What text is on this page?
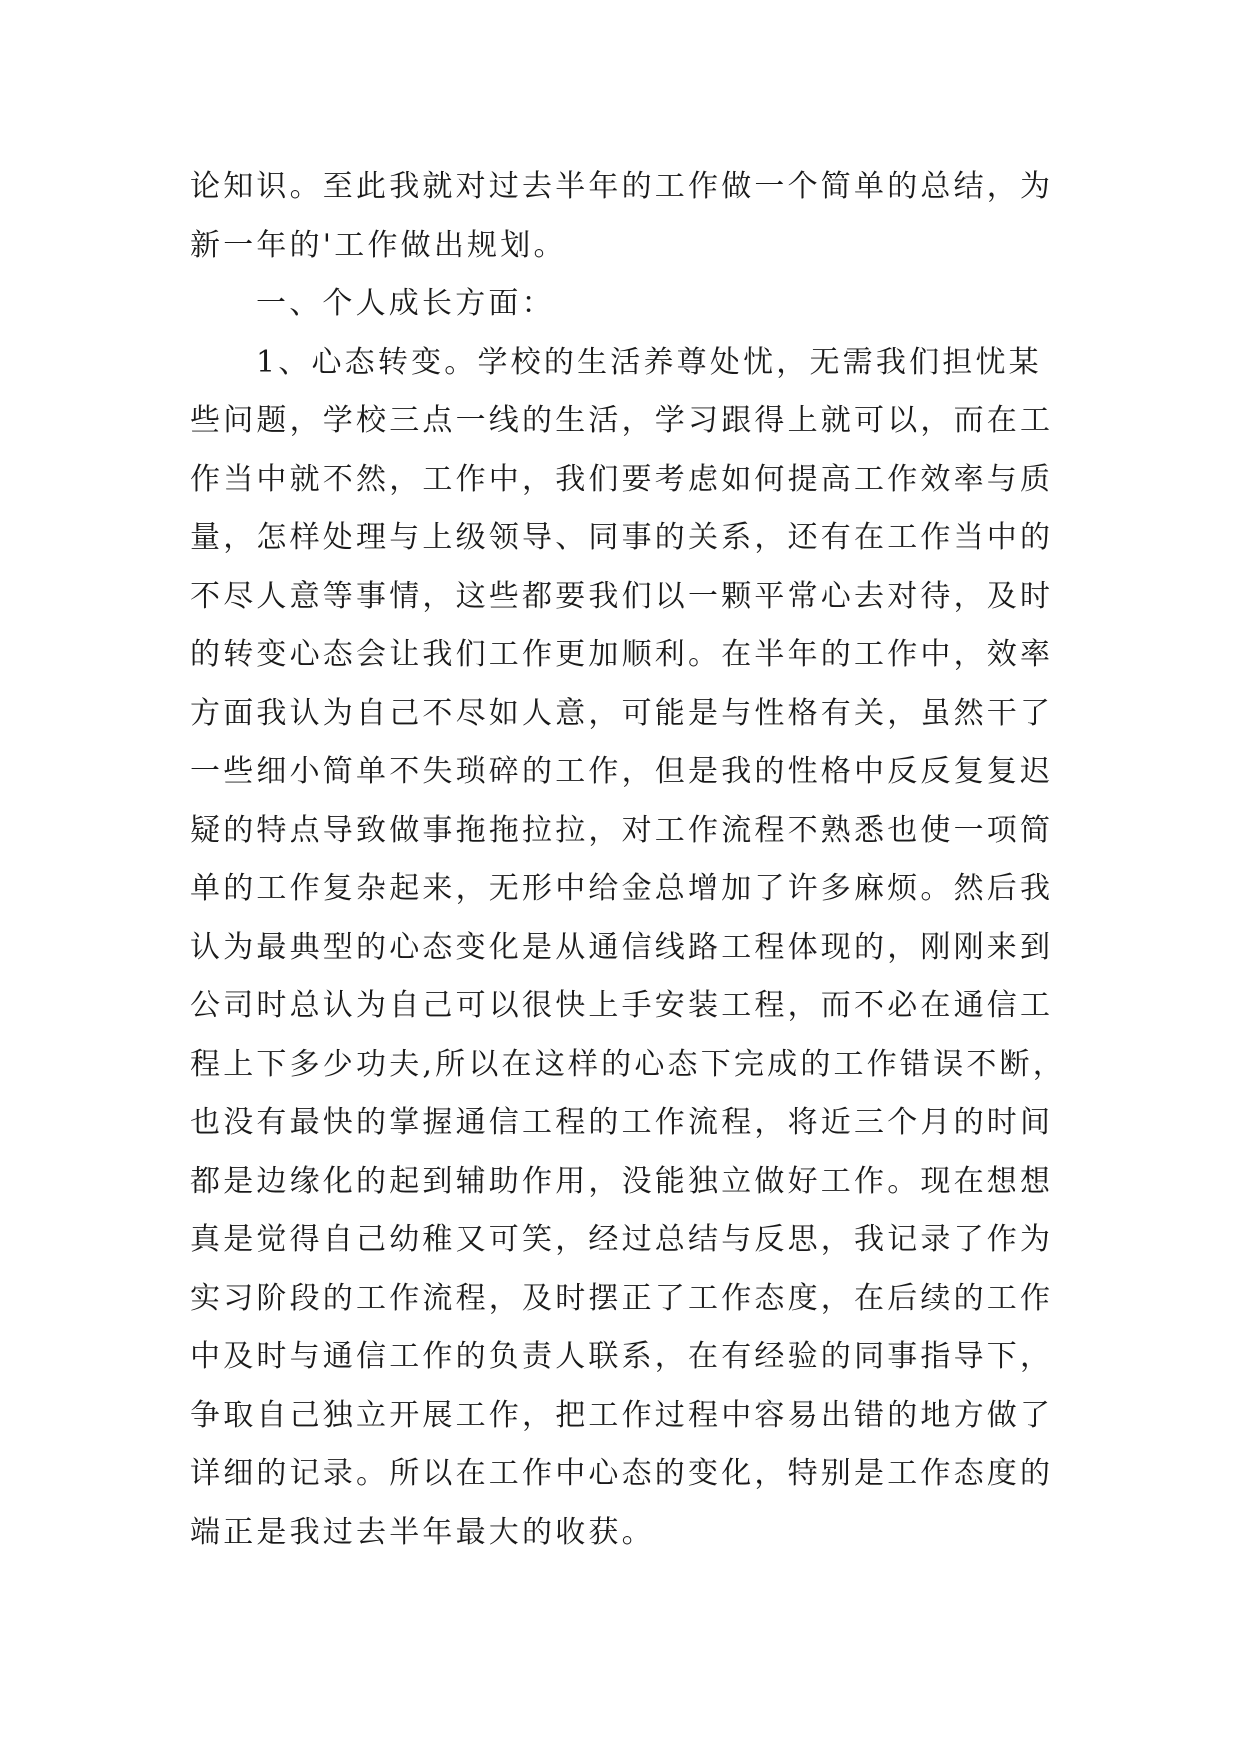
论知识。至此我就对过去半年的工作做一个简单的总结，为
新一年的'工作做出规划。
一、个人成长方面：
1、心态转变。学校的生活养尊处忧，无需我们担忧某
些问题，学校三点一线的生活，学习跟得上就可以，而在工
作当中就不然，工作中，我们要考虑如何提高工作效率与质
量，怎样处理与上级领导、同事的关系，还有在工作当中的
不尽人意等事情，这些都要我们以一颗平常心去对待，及时
的转变心态会让我们工作更加顺利。在半年的工作中，效率
方面我认为自己不尽如人意，可能是与性格有关，虽然干了
一些细小简单不失琐碎的工作，但是我的性格中反反复复迟
疑的特点导致做事拖拖拉拉，对工作流程不熟悉也使一项简
单的工作复杂起来，无形中给金总增加了许多麻烦。然后我
认为最典型的心态变化是从通信线路工程体现的，刚刚来到
公司时总认为自己可以很快上手安装工程，而不必在通信工
程上下多少功夫,所以在这样的心态下完成的工作错误不断，
也没有最快的掌握通信工程的工作流程，将近三个月的时间
都是边缘化的起到辅助作用，没能独立做好工作。现在想想
真是觉得自己幼稚又可笑，经过总结与反思，我记录了作为
实习阶段的工作流程，及时摆正了工作态度，在后续的工作
中及时与通信工作的负责人联系，在有经验的同事指导下，
争取自己独立开展工作，把工作过程中容易出错的地方做了
详细的记录。所以在工作中心态的变化，特别是工作态度的
端正是我过去半年最大的收获。
